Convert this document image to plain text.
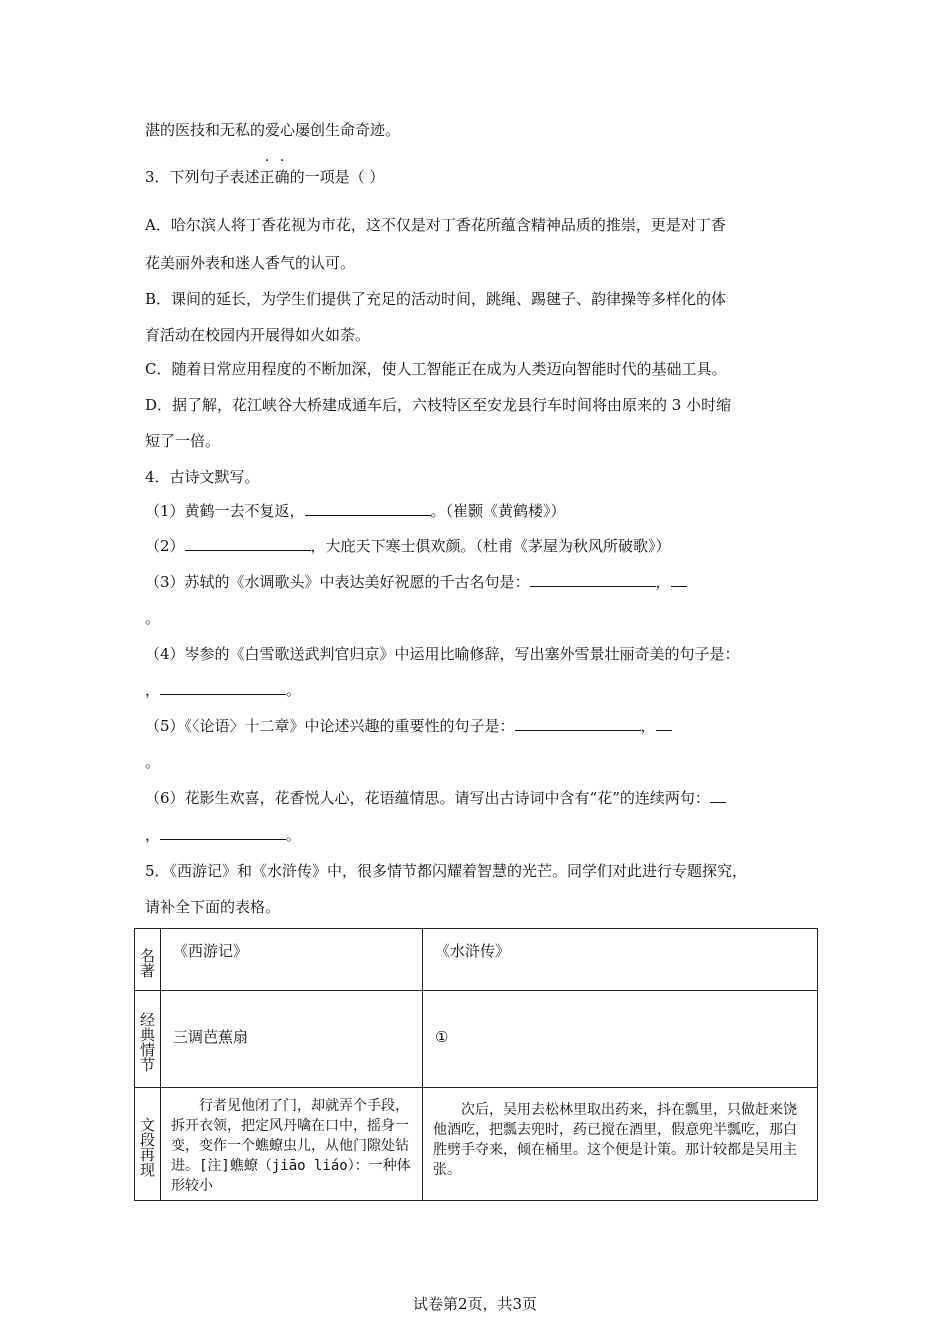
湛的医技和无私的爱心屡创生命奇迹。
3．下列句子表述正确的一项是（ ）
A．哈尔滨人将丁香花视为市花，这不仅是对丁香花所蕴含精神品质的推崇，更是对丁香
花美丽外表和迷人香气的认可。
B．课间的延长，为学生们提供了充足的活动时间，跳绳、踢毽子、韵律操等多样化的体
育活动在校园内开展得如火如荼。
C．随着日常应用程度的不断加深，使人工智能正在成为人类迈向智能时代的基础工具。
D．据了解，花江峡谷大桥建成通车后，六枝特区至安龙县行车时间将由原来的 3 小时缩
短了一倍。
4．古诗文默写。
（1）黄鹤一去不复返，	。（崔颢《黄鹤楼》）
（2）	，大庇天下寒士俱欢颜。（杜甫《茅屋为秋风所破歌》）
（3）苏轼的《水调歌头》中表达美好祝愿的千古名句是：	，
。
（4）岑参的《白雪歌送武判官归京》中运用比喻修辞，写出塞外雪景壮丽奇美的句子是：
，	。
（5）《〈论语〉十二章》中论述兴趣的重要性的句子是：	，
。
（6）花影生欢喜，花香悦人心，花语蕴情思。请写出古诗词中含有“花”的连续两句：
，	。
5．《西游记》和《水浒传》中，很多情节都闪耀着智慧的光芒。同学们对此进行专题探究，
请补全下面的表格。
名著	《西游记》	《水浒传》

经典情节	三调芭蕉扇	①

文段再现	行者见他闭了门，却就弄个手段，拆开衣领，把定风丹噙在口中，摇身一变，变作一个蟭蟟虫儿，从他门隙处钻进。[注]蟭蟟（jiāo liáo）：一种体形较小	次后，吴用去松林里取出药来，抖在瓢里，只做赶来饶他酒吃，把瓢去兜时，药已搅在酒里，假意兜半瓢吃，那白胜劈手夺来，倾在桶里。这个便是计策。那计较都是吴用主张。
试卷第2页，共3页
